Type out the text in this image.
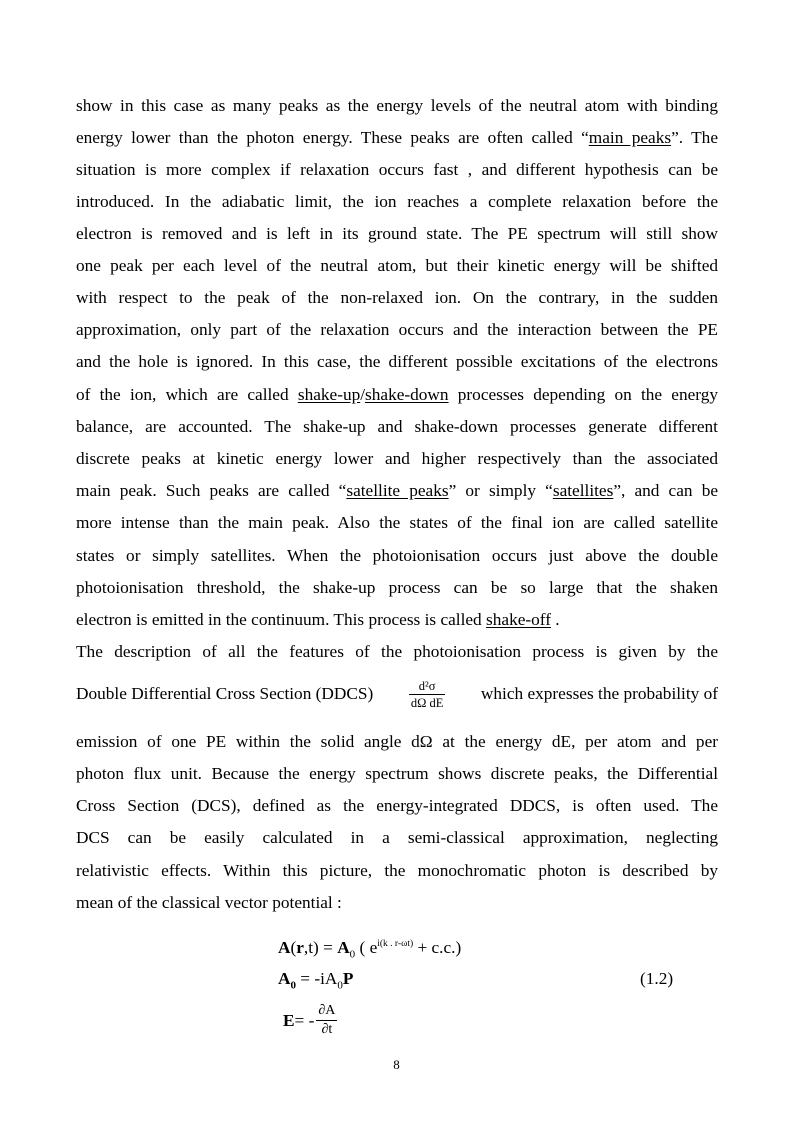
show in this case as many peaks as the energy levels of the neutral atom with binding
energy lower than the photon energy. These peaks are often called “main peaks”. The
situation is more complex if relaxation occurs fast , and different hypothesis can be
introduced. In the adiabatic limit, the ion reaches a complete relaxation before the
electron is removed and is left in its ground state. The PE spectrum will still show
one peak per each level of the neutral atom, but their kinetic energy will be shifted
with respect to the peak of the non-relaxed ion. On the contrary, in the sudden
approximation, only part of the relaxation occurs and the interaction between the PE
and the hole is ignored. In this case, the different possible excitations of the electrons
of the ion, which are called shake-up/shake-down processes depending on the energy
balance, are accounted. The shake-up and shake-down processes generate different
discrete peaks at kinetic energy lower and higher respectively than the associated
main peak. Such peaks are called “satellite peaks” or simply “satellites”, and can be
more intense than the main peak. Also the states of the final ion are called satellite
states or simply satellites. When the photoionisation occurs just above the double
photoionisation threshold, the shake-up process can be so large that the shaken
electron is emitted in the continuum. This process is called shake-off .
The description of all the features of the photoionisation process is given by the
Double Differential Cross Section (DDCS)	$\frac{\text{d²σ}}{\text{dΩ dE}}$ which expresses the probability of
emission of one PE within the solid angle dΩ at the energy dE, per atom and per
photon flux unit. Because the energy spectrum shows discrete peaks, the Differential
Cross Section (DCS), defined as the energy-integrated DDCS, is often used. The
DCS can be easily calculated in a semi-classical approximation, neglecting
relativistic effects. Within this picture, the monochromatic photon is described by
mean of the classical vector potential :
$A(r,t) = A_0$ ( $e^{i(k . r-\omega t)} + c.c$.)
$A_0 = -iA_0P$	(1.2)
E = - $\frac{\partial A}{\partial t}$
8
